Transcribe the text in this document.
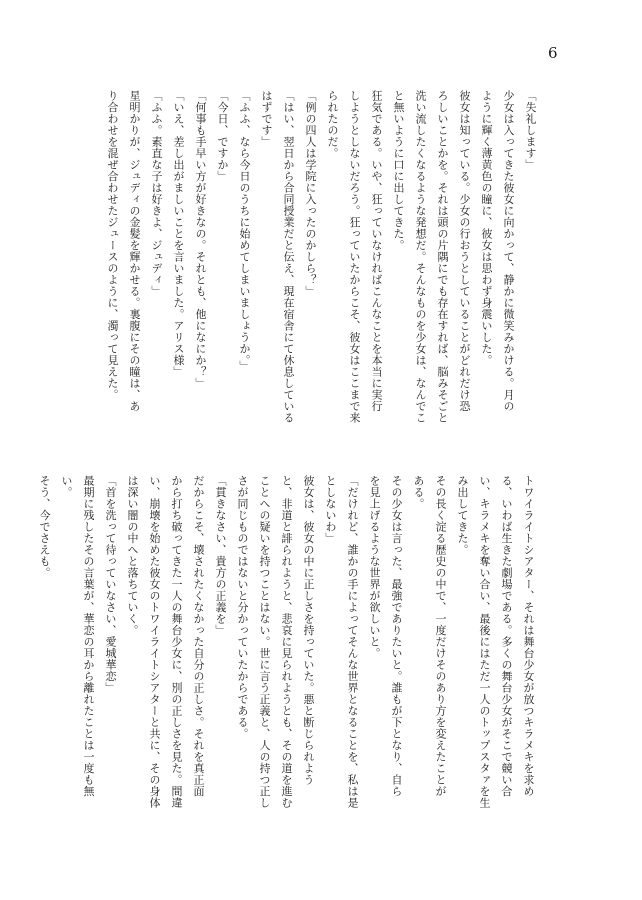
6

「失礼します」

少女は入ってきた彼女に向かって、静かに微笑みかける。月の

ように輝く薄黄色の瞳に、彼女は思わず身震いした。

彼女は知っている。少女の行おうとしていることがどれだけ恐

ろしいことかを。それは頭の片隅にでも存在すれば、脳みそごと

洗い流したくなるような発想だ。そんなものを少女は、なんでこ

と無いように口に出してきた。

狂気である。いや、狂っていなければこんなことを本当に実行

しようとしないだろう。狂っていたからこそ、彼女はここまで来

られたのだ。

「例の四人は学院に入ったのかしら？」

「はい、翌日から合同授業だと伝え、現在宿舎にて休息している

はずです」

「ふふ、なら今日のうちに始めてしまいましょうか。」

「今日、ですか」

「何事も手早い方が好きなの。それとも、他になにか？」

「いえ、差し出がましいことを言いました。アリス様」

「ふふ。素直な子は好きよ、ジュディ」

星明かりが、ジュディの金髪を輝かせる。裏腹にその瞳は、あ

り合わせを混ぜ合わせたジュースのように、濁って見えた。

トワイライトシアター、それは舞台少女が放つキラメキを求め

る、いわば生きた劇場である。多くの舞台少女がそこで競い合

い、キラメキを奪い合い、最後にはただ一人のトップスタァを生

み出してきた。

その長く淀る歴史の中で、一度だけそのあり方を変えたことが

ある。

その少女は言った、最強でありたいと。誰もが下となり、自ら

を見上げるような世界が欲しいと。

「だけれど、誰かの手によってそんな世界となることを、私は是

としないわ」

彼女は、彼女の中に正しさを持っていた。悪と断じられよう

と、非道と誹られようと、悲哀に見られようとも、その道を進む

ことへの疑いを持つことはない。世に言う正義と、人の持つ正し

さが同じものではないと分かっていたからである。

「貫きなさい、貴方の正義を」

だからこそ、壊されたくなかった自分の正しさ。それを真正面

から打ち破ってきた一人の舞台少女に、別の正しさを見た。間違

い、崩壊を始めた彼女のトワイライトシアターと共に、その身体

は深い闇の中へと落ちていく。

「首を洗って待っていなさい、愛城華恋」

最期に残したその言葉が、華恋の耳から離れたことは一度も無

い。

そう、今でさえも。
